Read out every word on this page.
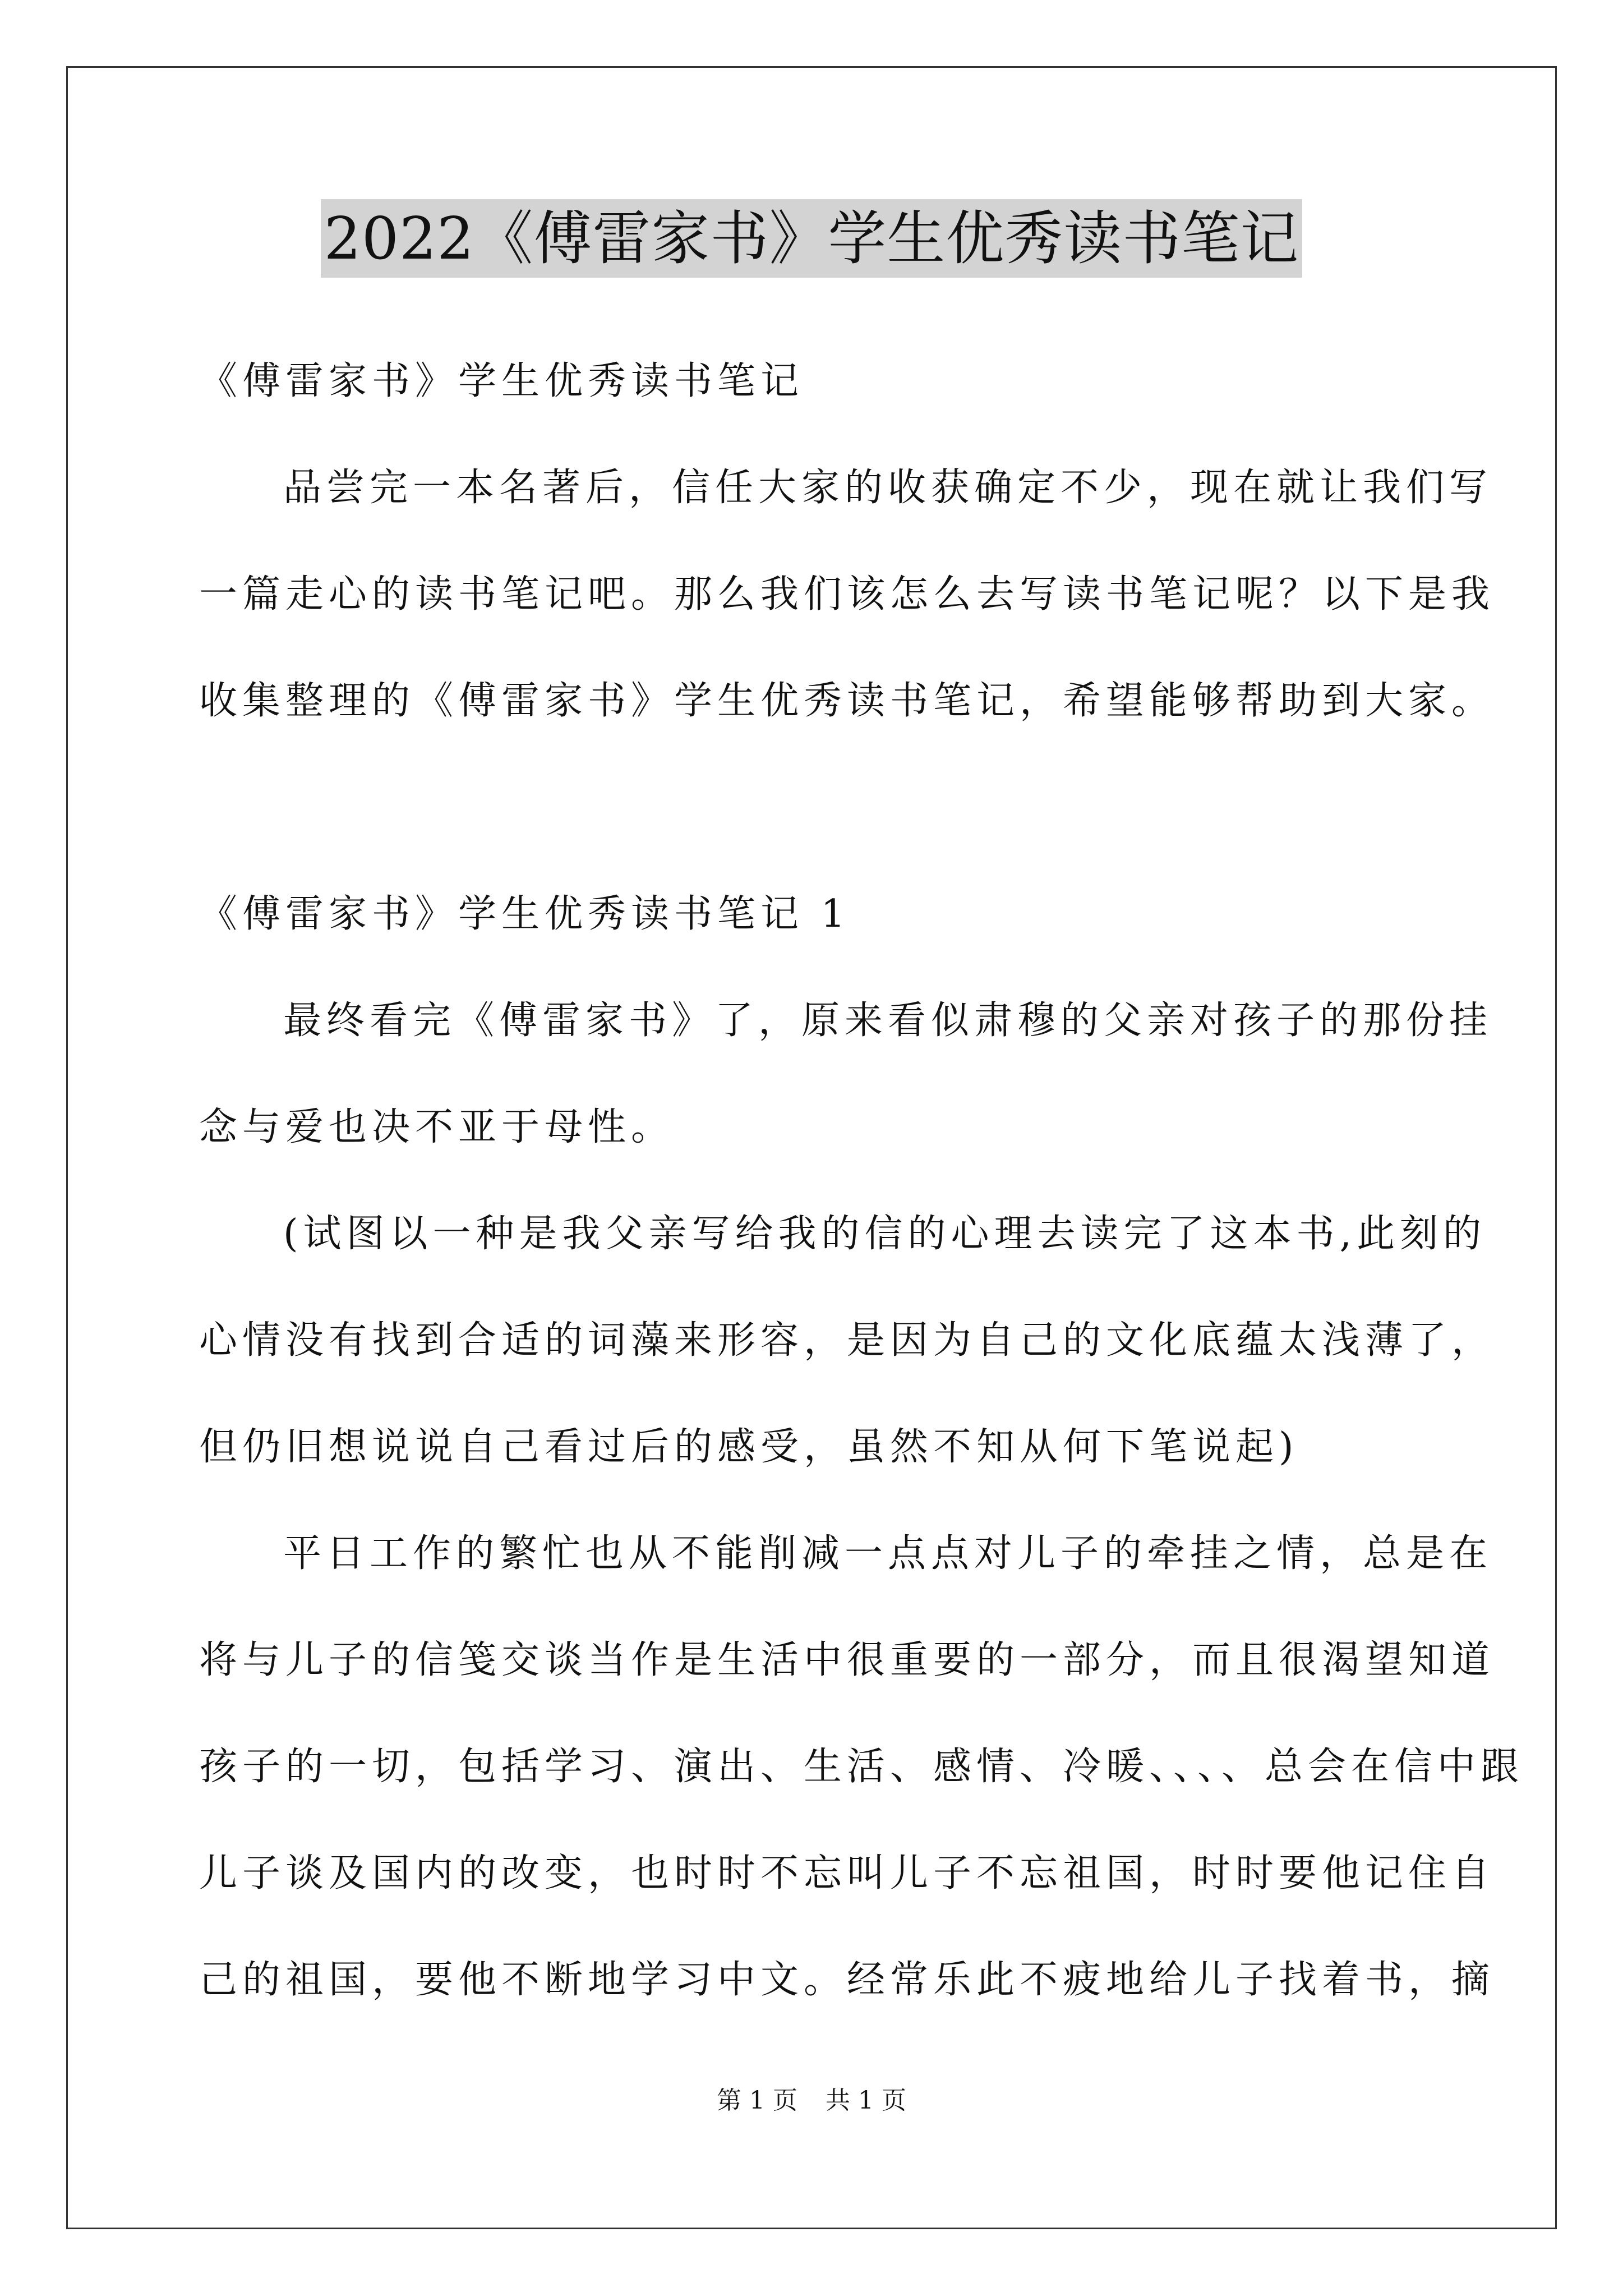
2022《傅雷家书》学生优秀读书笔记
《傅雷家书》学生优秀读书笔记
品尝完一本名著后，信任大家的收获确定不少，现在就让我们写
一篇走心的读书笔记吧。那么我们该怎么去写读书笔记呢？以下是我
收集整理的《傅雷家书》学生优秀读书笔记，希望能够帮助到大家。
《傅雷家书》学生优秀读书笔记 1
最终看完《傅雷家书》了，原来看似肃穆的父亲对孩子的那份挂
念与爱也决不亚于母性。
(试图以一种是我父亲写给我的信的心理去读完了这本书,此刻的
心情没有找到合适的词藻来形容，是因为自己的文化底蕴太浅薄了，
但仍旧想说说自己看过后的感受，虽然不知从何下笔说起)
平日工作的繁忙也从不能削减一点点对儿子的牵挂之情，总是在
将与儿子的信笺交谈当作是生活中很重要的一部分，而且很渴望知道
孩子的一切，包括学习、演出、生活、感情、冷暖、、、、总会在信中跟
儿子谈及国内的改变，也时时不忘叫儿子不忘祖国，时时要他记住自
己的祖国，要他不断地学习中文。经常乐此不疲地给儿子找着书，摘
第 1 页 共 1 页
